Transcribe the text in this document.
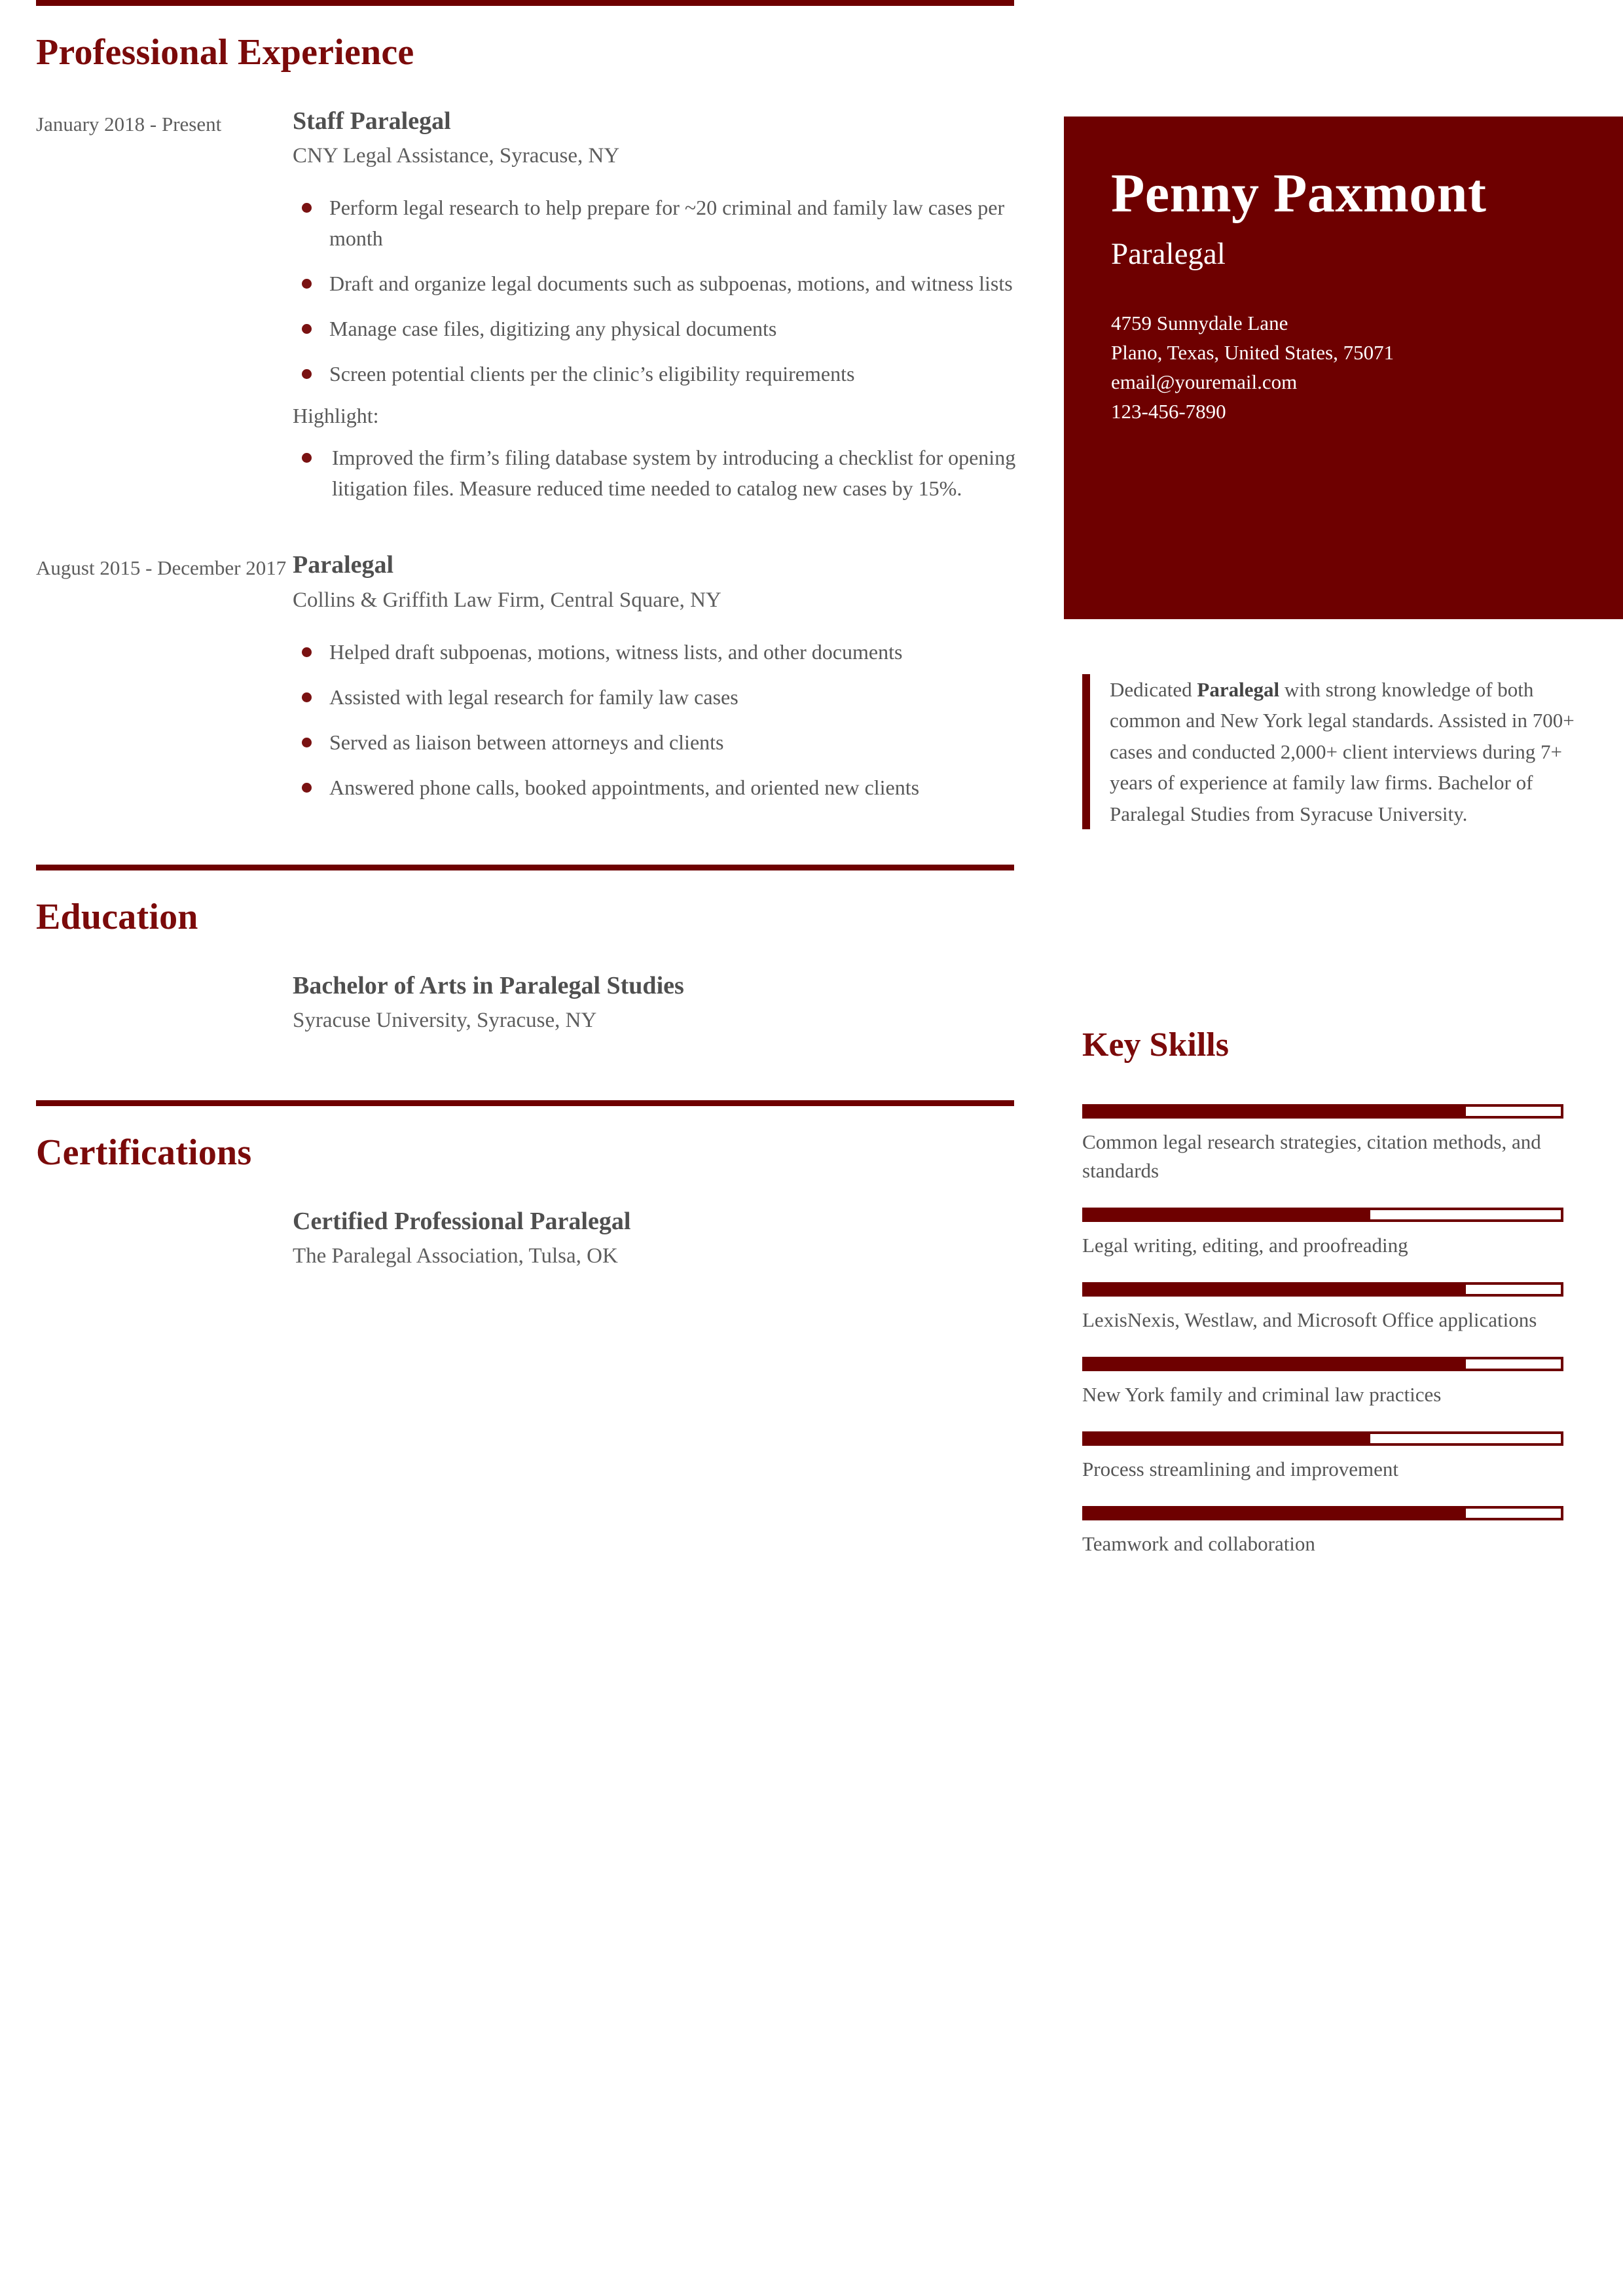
Professional Experience
January 2018 - Present	Staff Paralegal
CNY Legal Assistance, Syracuse, NY
Perform legal research to help prepare for ~20 criminal and family law cases per month
Draft and organize legal documents such as subpoenas, motions, and witness lists
Manage case files, digitizing any physical documents
Screen potential clients per the clinic’s eligibility requirements
Highlight:
Improved the firm’s filing database system by introducing a checklist for opening litigation files. Measure reduced time needed to catalog new cases by 15%.
August 2015 - December 2017 Paralegal
Collins & Griffith Law Firm, Central Square, NY
Helped draft subpoenas, motions, witness lists, and other documents
Assisted with legal research for family law cases
Served as liaison between attorneys and clients
Answered phone calls, booked appointments, and oriented new clients
Education
Bachelor of Arts in Paralegal Studies
Syracuse University, Syracuse, NY
Certifications
Certified Professional Paralegal
The Paralegal Association, Tulsa, OK
Penny Paxmont
Paralegal
4759 Sunnydale Lane
Plano, Texas, United States, 75071
email@youremail.com
123-456-7890
Dedicated Paralegal with strong knowledge of both common and New York legal standards. Assisted in 700+ cases and conducted 2,000+ client interviews during 7+ years of experience at family law firms. Bachelor of Paralegal Studies from Syracuse University.
Key Skills
Common legal research strategies, citation methods, and standards
Legal writing, editing, and proofreading
LexisNexis, Westlaw, and Microsoft Office applications
New York family and criminal law practices
Process streamlining and improvement
Teamwork and collaboration
